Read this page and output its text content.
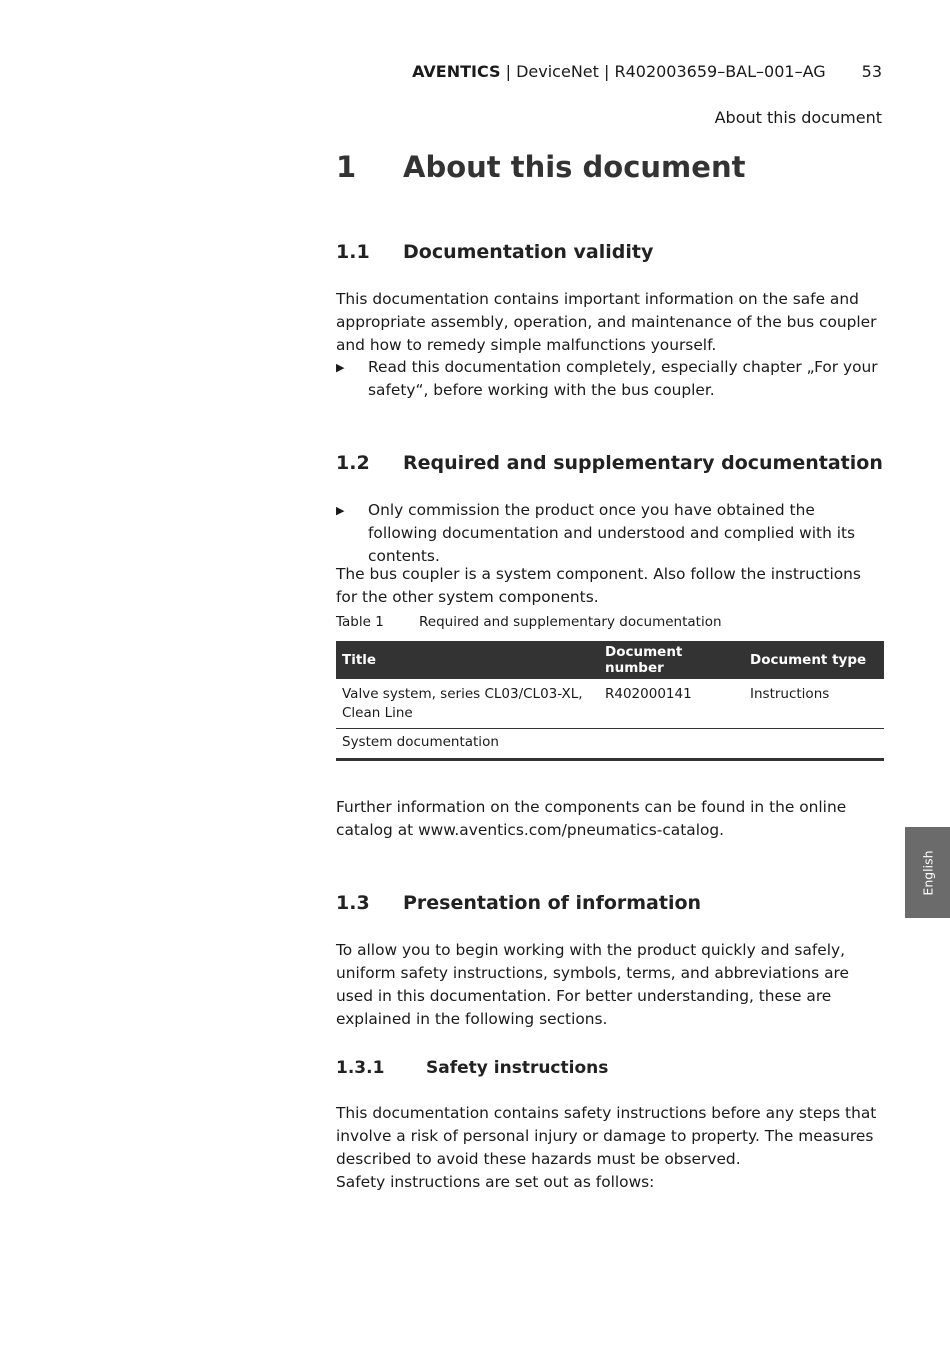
AVENTICS | DeviceNet | R402003659–BAL–001–AG 53
About this document
1 About this document
1.1 Documentation validity
This documentation contains important information on the safe and appropriate assembly, operation, and maintenance of the bus coupler and how to remedy simple malfunctions yourself.
▶ Read this documentation completely, especially chapter „For your safety“, before working with the bus coupler.
1.2 Required and supplementary documentation
▶ Only commission the product once you have obtained the following documentation and understood and complied with its contents.
The bus coupler is a system component. Also follow the instructions for the other system components.
Table 1	Required and supplementary documentation
Title	Document number	Document type
Valve system, series CL03/CL03-XL, Clean Line	R402000141	Instructions
System documentation		
Further information on the components can be found in the online catalog at www.aventics.com/pneumatics-catalog.
1.3 Presentation of information
To allow you to begin working with the product quickly and safely, uniform safety instructions, symbols, terms, and abbreviations are used in this documentation. For better understanding, these are explained in the following sections.
1.3.1 Safety instructions
This documentation contains safety instructions before any steps that involve a risk of personal injury or damage to property. The measures described to avoid these hazards must be observed.
Safety instructions are set out as follows:
English
